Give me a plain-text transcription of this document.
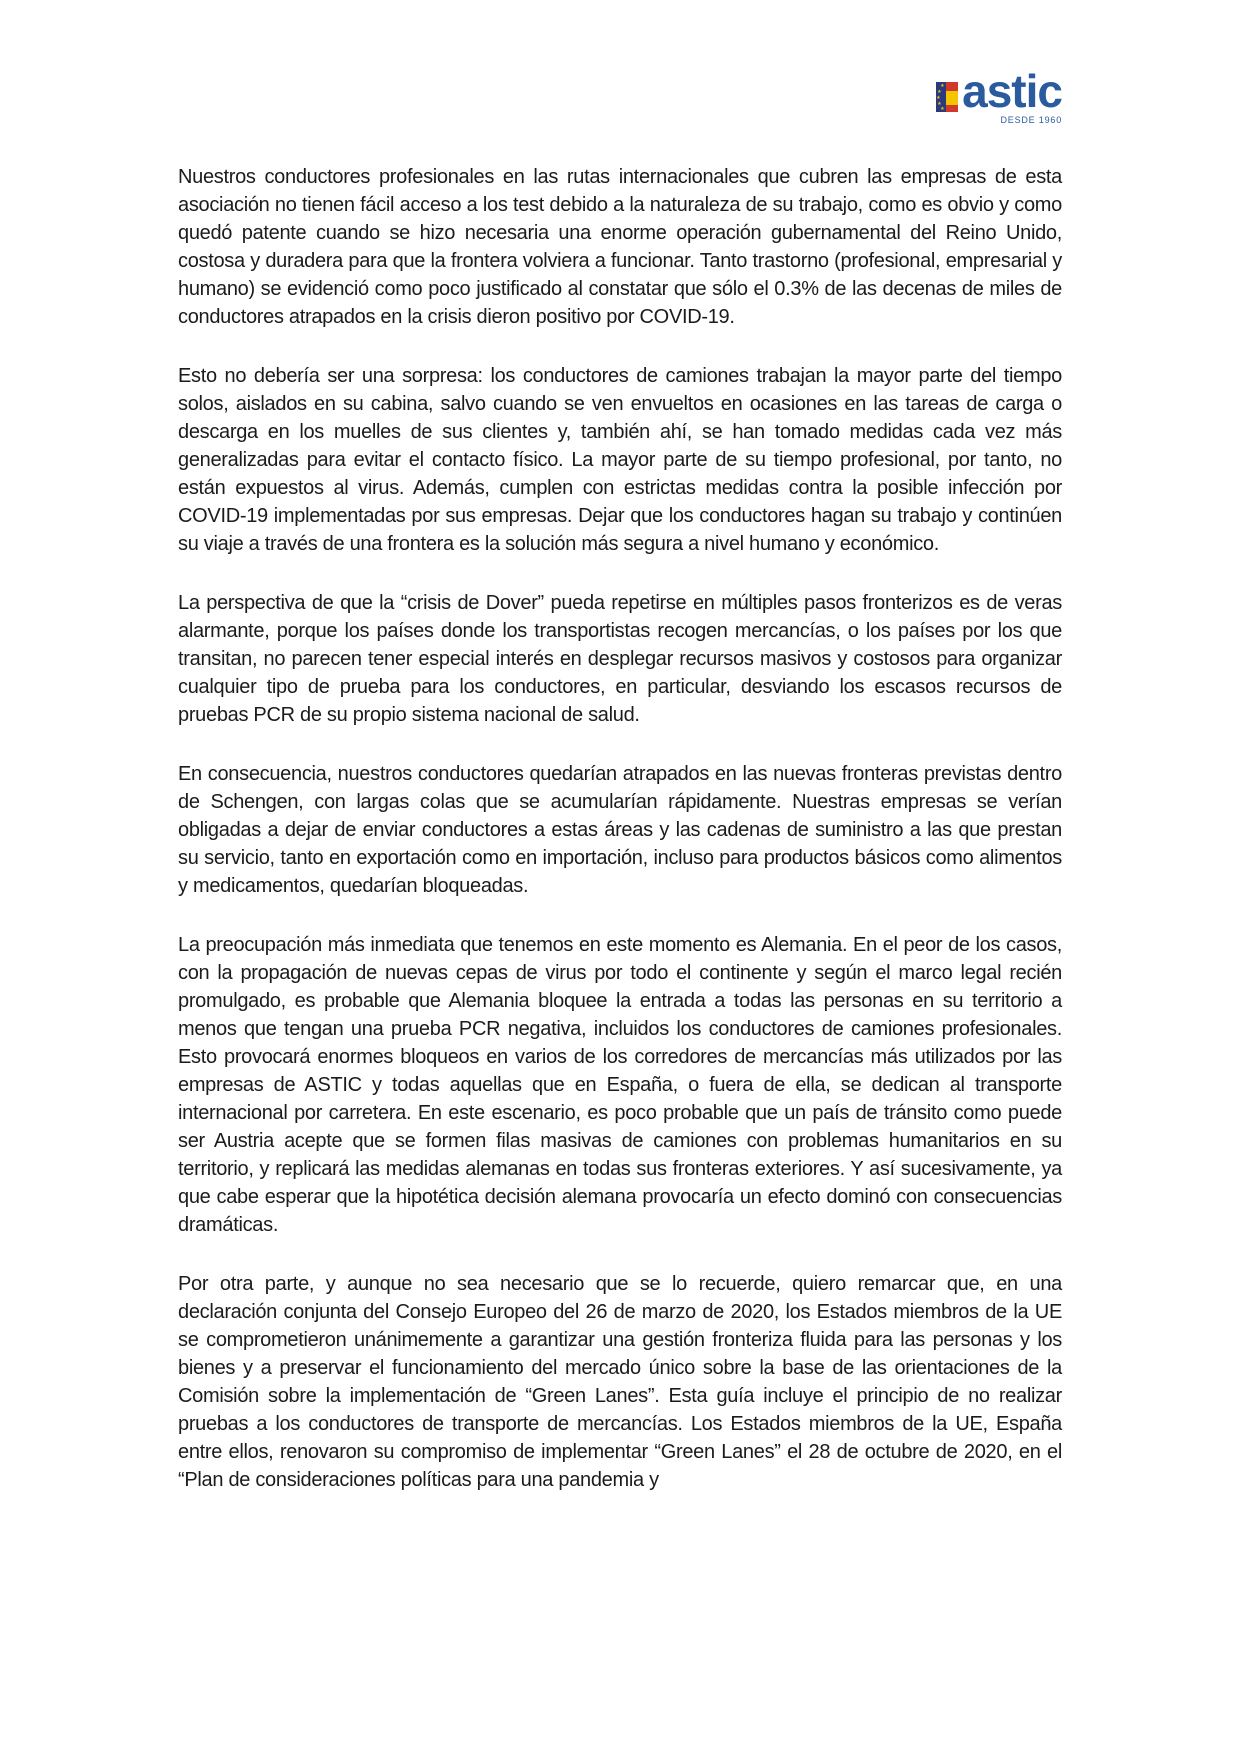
★
★
★
★
★ astic
DESDE 1960

Nuestros conductores profesionales en las rutas internacionales que cubren las empresas de esta asociación no tienen fácil acceso a los test debido a la naturaleza de su trabajo, como es obvio y como quedó patente cuando se hizo necesaria una enorme operación gubernamental del Reino Unido, costosa y duradera para que la frontera volviera a funcionar. Tanto trastorno (profesional, empresarial y humano) se evidenció como poco justificado al constatar que sólo el 0.3% de las decenas de miles de conductores atrapados en la crisis dieron positivo por COVID-19.

Esto no debería ser una sorpresa: los conductores de camiones trabajan la mayor parte del tiempo solos, aislados en su cabina, salvo cuando se ven envueltos en ocasiones en las tareas de carga o descarga en los muelles de sus clientes y, también ahí, se han tomado medidas cada vez más generalizadas para evitar el contacto físico. La mayor parte de su tiempo profesional, por tanto, no están expuestos al virus. Además, cumplen con estrictas medidas contra la posible infección por COVID-19 implementadas por sus empresas. Dejar que los conductores hagan su trabajo y continúen su viaje a través de una frontera es la solución más segura a nivel humano y económico.

La perspectiva de que la “crisis de Dover” pueda repetirse en múltiples pasos fronterizos es de veras alarmante, porque los países donde los transportistas recogen mercancías, o los países por los que transitan, no parecen tener especial interés en desplegar recursos masivos y costosos para organizar cualquier tipo de prueba para los conductores, en particular, desviando los escasos recursos de pruebas PCR de su propio sistema nacional de salud.

En consecuencia, nuestros conductores quedarían atrapados en las nuevas fronteras previstas dentro de Schengen, con largas colas que se acumularían rápidamente. Nuestras empresas se verían obligadas a dejar de enviar conductores a estas áreas y las cadenas de suministro a las que prestan su servicio, tanto en exportación como en importación, incluso para productos básicos como alimentos y medicamentos, quedarían bloqueadas.

La preocupación más inmediata que tenemos en este momento es Alemania. En el peor de los casos, con la propagación de nuevas cepas de virus por todo el continente y según el marco legal recién promulgado, es probable que Alemania bloquee la entrada a todas las personas en su territorio a menos que tengan una prueba PCR negativa, incluidos los conductores de camiones profesionales. Esto provocará enormes bloqueos en varios de los corredores de mercancías más utilizados por las empresas de ASTIC y todas aquellas que en España, o fuera de ella, se dedican al transporte internacional por carretera. En este escenario, es poco probable que un país de tránsito como puede ser Austria acepte que se formen filas masivas de camiones con problemas humanitarios en su territorio, y replicará las medidas alemanas en todas sus fronteras exteriores. Y así sucesivamente, ya que cabe esperar que la hipotética decisión alemana provocaría un efecto dominó con consecuencias dramáticas.

Por otra parte, y aunque no sea necesario que se lo recuerde, quiero remarcar que, en una declaración conjunta del Consejo Europeo del 26 de marzo de 2020, los Estados miembros de la UE se comprometieron unánimemente a garantizar una gestión fronteriza fluida para las personas y los bienes y a preservar el funcionamiento del mercado único sobre la base de las orientaciones de la Comisión sobre la implementación de “Green Lanes”. Esta guía incluye el principio de no realizar pruebas a los conductores de transporte de mercancías. Los Estados miembros de la UE, España entre ellos, renovaron su compromiso de implementar “Green Lanes” el 28 de octubre de 2020, en el “Plan de consideraciones políticas para una pandemia y
